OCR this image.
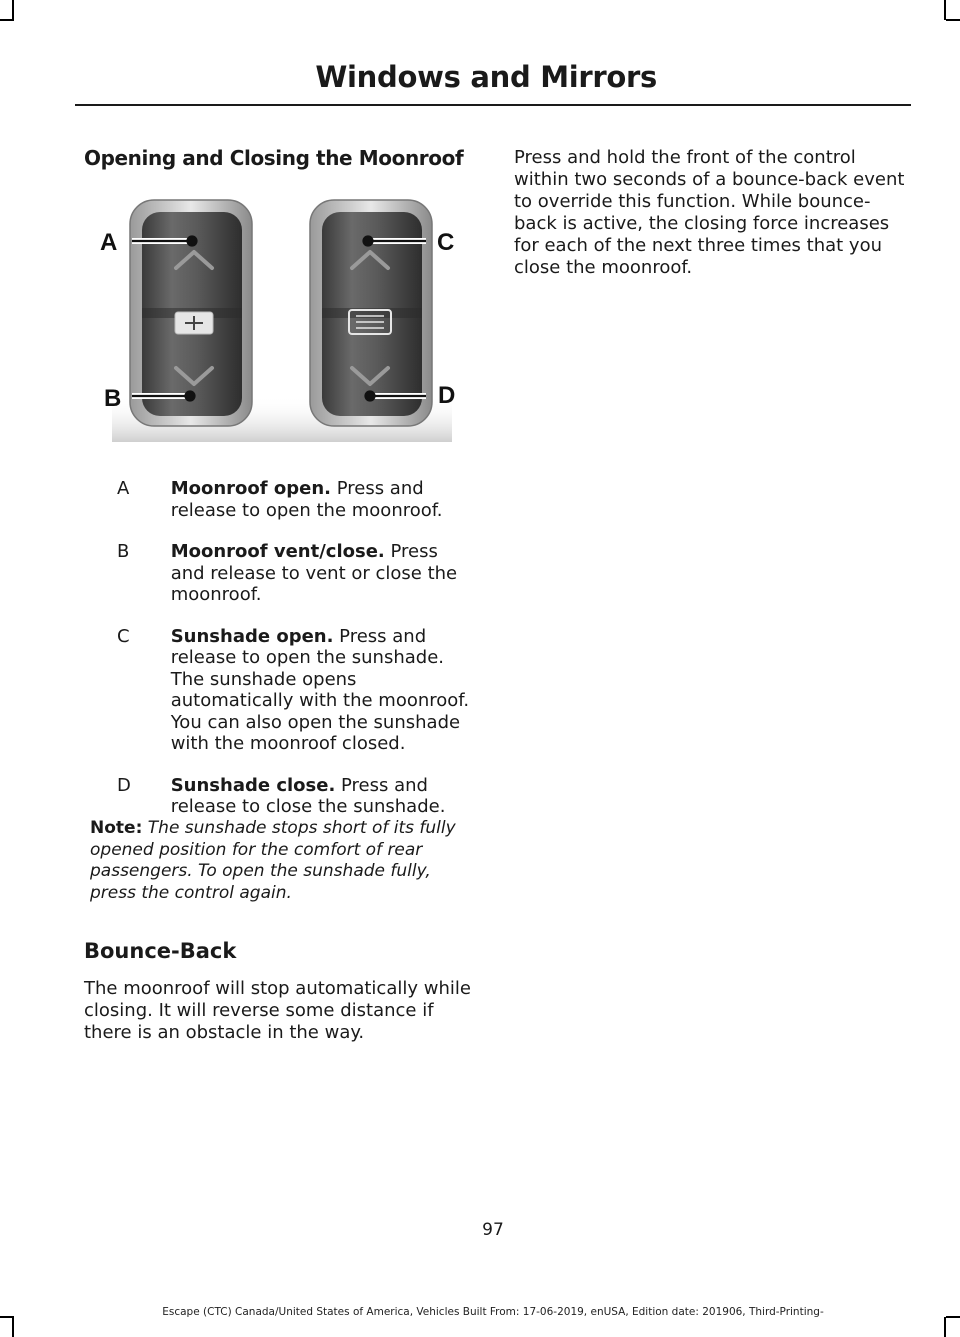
Windows and Mirrors
Opening and Closing the Moonroof
A
B
C
D
A	Moonroof open. Press and release to open the moonroof.
B	Moonroof vent/close. Press and release to vent or close the moonroof.
C	Sunshade open. Press and release to open the sunshade. The sunshade opens automatically with the moonroof. You can also open the sunshade with the moonroof closed.
D	Sunshade close. Press and release to close the sunshade.
Note: The sunshade stops short of its fully opened position for the comfort of rear passengers. To open the sunshade fully, press the control again.
Bounce-Back
The moonroof will stop automatically while closing. It will reverse some distance if there is an obstacle in the way.
Press and hold the front of the control within two seconds of a bounce-back event to override this function. While bounce-back is active, the closing force increases for each of the next three times that you close the moonroof.
97
Escape (CTC) Canada/United States of America, Vehicles Built From: 17-06-2019, enUSA, Edition date: 201906, Third-Printing-
